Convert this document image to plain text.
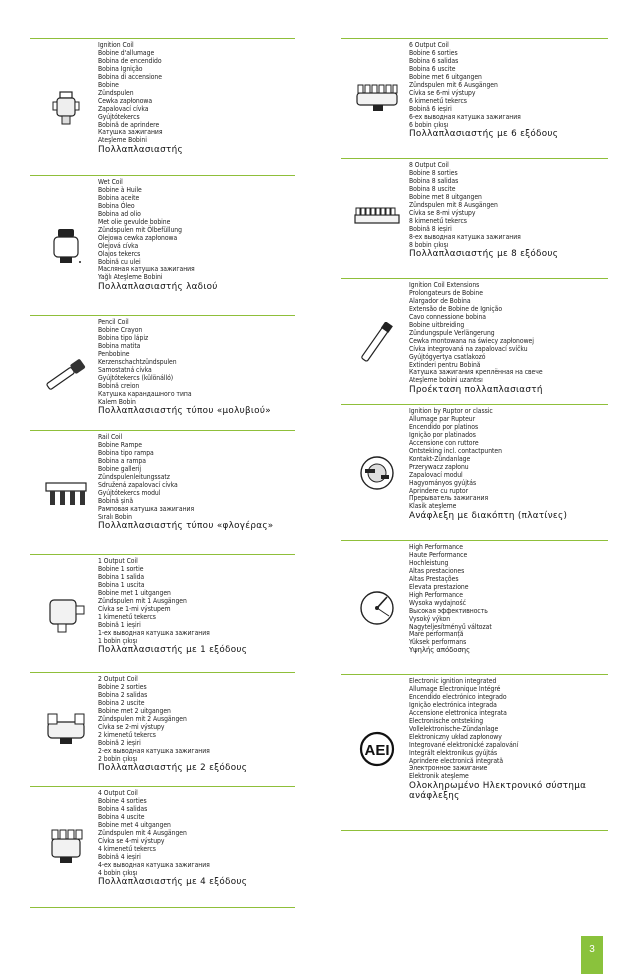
Ignition Coil
Bobine d'allumage
Bobina de encendido
Bobina Ignição
Bobina di accensione
Bobine
Zündspulen
Cewka zapłonowa
Zapalovací cívka
Gyújtótekercs
Bobină de aprindere
Катушка зажигания
Ateşleme Bobini
Πολλαπλασιαστής
Wet Coil
Bobine à Huile
Bobina aceite
Bobina Óleo
Bobina ad olio
Met olie gevulde bobine
Zündspulen mit Ölbefüllung
Olejowa cewka zapłonowa
Olejová cívka
Olajos tekercs
Bobină cu ulei
Масляная катушка зажигания
Yağlı Ateşleme Bobini
Πολλαπλασιαστής λαδιού
Pencil Coil
Bobine Crayon
Bobina tipo lápiz
Bobina matita
Penbobine
Kerzenschachtzündspulen
Samostatná cívka
Gyújtótekercs (különálló)
Bobină creion
Катушка карандашного типа
Kalem Bobin
Πολλαπλασιαστής τύπου «μολυβιού»
Rail Coil
Bobine Rampe
Bobina tipo rampa
Bobina a rampa
Bobine gallerij
Zündspulenleitungssatz
Sdružená zapalovací cívka
Gyújtótekercs modul
Bobină șină
Рамповая катушка зажигания
Sıralı Bobin
Πολλαπλασιαστής τύπου «φλογέρας»
1 Output Coil
Bobine 1 sortie
Bobina 1 salida
Bobina 1 uscita
Bobine met 1 uitgangen
Zündspulen mit 1 Ausgängen
Cívka se 1-mi výstupem
1 kimenetű tekercs
Bobină 1 ieșiri
1-ex выводная катушка зажигания
1 bobin çıkışı
Πολλαπλασιαστής με 1 εξόδους
2 Output Coil
Bobine 2 sorties
Bobina 2 salidas
Bobina 2 uscite
Bobine met 2 uitgangen
Zündspulen mit 2 Ausgängen
Cívka se 2-mi výstupy
2 kimenetű tekercs
Bobină 2 ieșiri
2-ex выводная катушка зажигания
2 bobin çıkışı
Πολλαπλασιαστής με 2 εξόδους
4 Output Coil
Bobine 4 sorties
Bobina 4 salidas
Bobina 4 uscite
Bobine met 4 uitgangen
Zündspulen mit 4 Ausgängen
Cívka se 4-mi výstupy
4 kimenetű tekercs
Bobină 4 ieșiri
4-ex выводная катушка зажигания
4 bobin çıkışı
Πολλαπλασιαστής με 4 εξόδους
6 Output Coil
Bobine 6 sorties
Bobina 6 salidas
Bobina 6 uscite
Bobine met 6 uitgangen
Zündspulen mit 6 Ausgängen
Cívka se 6-mi výstupy
6 kimenetű tekercs
Bobină 6 ieșiri
6-ex выводная катушка зажигания
6 bobin çıkışı
Πολλαπλασιαστής με 6 εξόδους
8 Output Coil
Bobine 8 sorties
Bobina 8 salidas
Bobina 8 uscite
Bobine met 8 uitgangen
Zündspulen mit 8 Ausgängen
Cívka se 8-mi výstupy
8 kimenetű tekercs
Bobină 8 ieșiri
8-ex выводная катушка зажигания
8 bobin çıkışı
Πολλαπλασιαστής με 8 εξόδους
Ignition Coil Extensions
Prolongateurs de Bobine
Alargador de Bobina
Extensão de Bobine de Ignição
Cavo connessione bobina
Bobine uitbreiding
Zündungspule Verlängerung
Cewka montowana na świecy zapłonowej
Cívka integrovaná na zapalovací svíčku
Gyújtógyertya csatlakozó
Extinderi pentru Bobină
Катушка зажигания креплённая на свече
Ateşleme bobini uzantısı
Προέκταση πολλαπλασιαστή
Ignition by Ruptor or classic
Allumage par Rupteur
Encendido por platinos
Ignição por platinados
Accensione con ruttore
Ontsteking incl. contactpunten
Kontakt-Zündanlage
Przerywacz zapłonu
Zapalovací modul
Hagyományos gyújtás
Aprindere cu ruptor
Прерыватель зажигания
Klasik ateşleme
Ανάφλεξη με διακόπτη (πλατίνες)
High Performance
Haute Performance
Hochleistung
Altas prestaciones
Altas Prestações
Elevata prestazione
High Performance
Wysoka wydajność
Высокая эффективность
Vysoký výkon
Nagyteljesítményű változat
Mare performanță
Yüksek performans
Υψηλής απόδοσης
AEI
Electronic ignition integrated
Allumage Electronique Intégré
Encendido electrónico integrado
Ignição electrónica integrada
Accensione elettronica integrata
Electronische ontsteking
Vollelektronische-Zündanlage
Elektroniczny układ zapłonowy
Integrované elektronické zapalování
Integrált elektronikus gyújtás
Aprindere electronică integrată
Электронное зажигание
Elektronik ateşleme
Ολοκληρωμένο Ηλεκτρονικό σύστημα ανάφλεξης
3
